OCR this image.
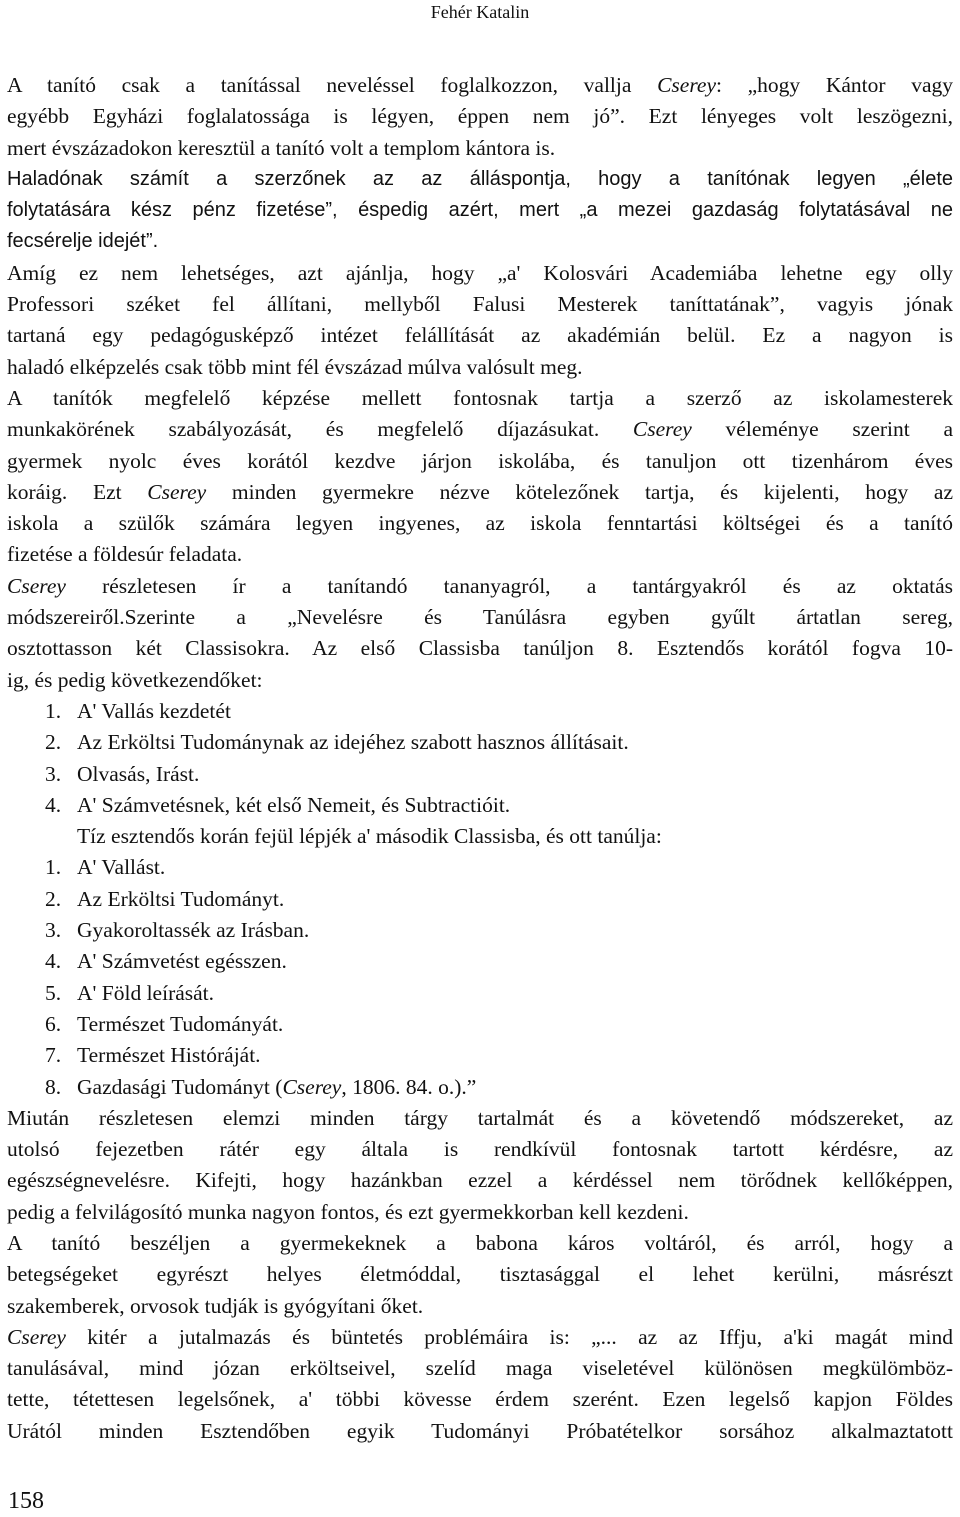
Fehér Katalin
A tanító csak a tanítással neveléssel foglalkozzon, vallja Cserey: „hogy Kántor vagy
egyébb Egyházi foglalatossága is légyen, éppen nem jó”. Ezt lényeges volt leszögezni,
mert évszázadokon keresztül a tanító volt a templom kántora is.
Haladónak számít a szerzőnek az az álláspontja, hogy a tanítónak legyen „élete
folytatására kész pénz fizetése”, éspedig azért, mert „a mezei gazdaság folytatásával ne
fecsérelje idejét”.
Amíg ez nem lehetséges, azt ajánlja, hogy „a' Kolosvári Academiába lehetne egy olly
Professori széket fel állítani, mellyből Falusi Mesterek taníttatának”, vagyis jónak
tartaná egy pedagógusképző intézet felállítását az akadémián belül. Ez a nagyon is
haladó elképzelés csak több mint fél évszázad múlva valósult meg.
A tanítók megfelelő képzése mellett fontosnak tartja a szerző az iskolamesterek
munkakörének szabályozását, és megfelelő díjazásukat. Cserey véleménye szerint a
gyermek nyolc éves korától kezdve járjon iskolába, és tanuljon ott tizenhárom éves
koráig. Ezt Cserey minden gyermekre nézve kötelezőnek tartja, és kijelenti, hogy az
iskola a szülők számára legyen ingyenes, az iskola fenntartási költségei és a tanító
fizetése a földesúr feladata.
Cserey részletesen ír a tanítandó tananyagról, a tantárgyakról és az oktatás
módszereiről.Szerinte a „Nevelésre és Tanúlásra egyben gyűlt ártatlan sereg,
osztottasson két Classisokra. Az első Classisba tanúljon 8. Esztendős korától fogva 10-
ig, és pedig következendőket:
1. A' Vallás kezdetét
2. Az Erköltsi Tudománynak az idejéhez szabott hasznos állításait.
3. Olvasás, Irást.
4. A' Számvetésnek, két első Nemeit, és Subtractióit.
Tíz esztendős korán fejül lépjék a' második Classisba, és ott tanúlja:
1. A' Vallást.
2. Az Erköltsi Tudományt.
3. Gyakoroltassék az Irásban.
4. A' Számvetést egésszen.
5. A' Föld leírását.
6. Természet Tudományát.
7. Természet Históráját.
8. Gazdasági Tudományt (Cserey, 1806. 84. o.).”
Miután részletesen elemzi minden tárgy tartalmát és a követendő módszereket, az
utolsó fejezetben rátér egy általa is rendkívül fontosnak tartott kérdésre, az
egészségnevelésre. Kifejti, hogy hazánkban ezzel a kérdéssel nem törődnek kellőképpen,
pedig a felvilágosító munka nagyon fontos, és ezt gyermekkorban kell kezdeni.
A tanító beszéljen a gyermekeknek a babona káros voltáról, és arról, hogy a
betegségeket egyrészt helyes életmóddal, tisztasággal el lehet kerülni, másrészt
szakemberek, orvosok tudják is gyógyítani őket.
Cserey kitér a jutalmazás és büntetés problémáira is: „... az az Iffju, a'ki magát mind
tanulásával, mind józan erköltseivel, szelíd maga viseletével különösen megkülömböz-
tette, tétettesen legelsőnek, a' többi kövesse érdem szerént. Ezen legelső kapjon Földes
Urától minden Esztendőben egyik Tudományi Próbatételkor sorsához alkalmaztatott
158
